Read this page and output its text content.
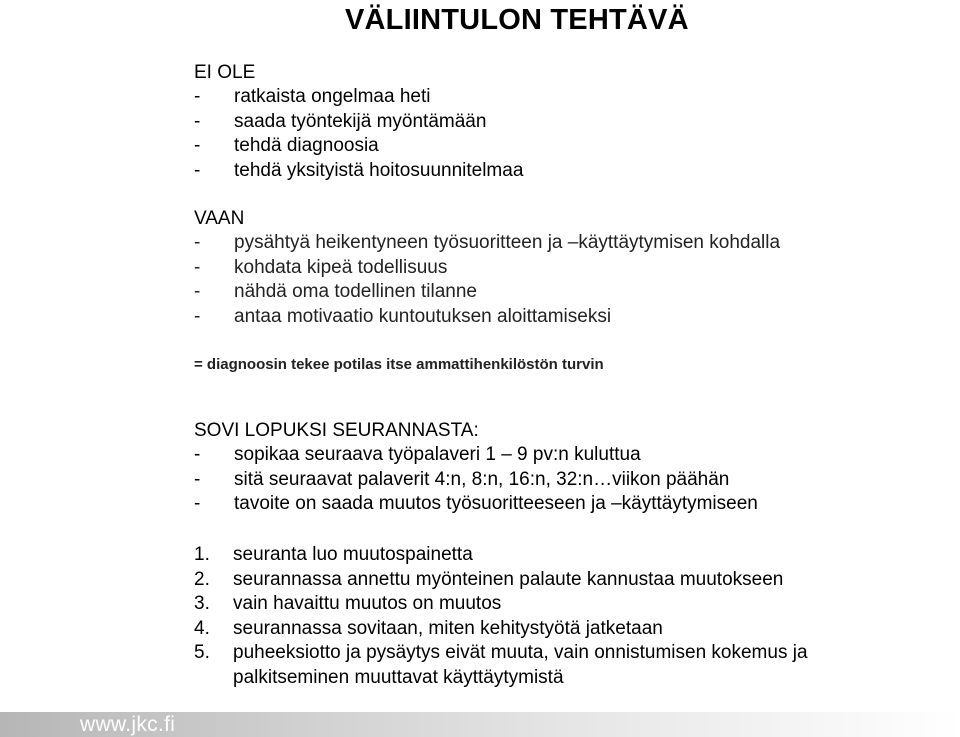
VÄLIINTULON TEHTÄVÄ
EI OLE
-	ratkaista ongelmaa heti
-	saada työntekijä myöntämään
-	tehdä diagnoosia
-	tehdä yksityistä hoitosuunnitelmaa
VAAN
-	pysähtyä heikentyneen työsuoritteen ja –käyttäytymisen kohdalla
-	kohdata kipeä todellisuus
-	nähdä oma todellinen tilanne
-	antaa motivaatio kuntoutuksen aloittamiseksi
= diagnoosin tekee potilas itse ammattihenkilöstön turvin
SOVI LOPUKSI SEURANNASTA:
-	sopikaa seuraava työpalaveri 1 – 9 pv:n kuluttua
-	sitä seuraavat palaverit 4:n, 8:n, 16:n, 32:n…viikon päähän
-	tavoite on saada muutos työsuoritteeseen ja –käyttäytymiseen
1.	seuranta luo muutospainetta
2.	seurannassa annettu myönteinen palaute kannustaa muutokseen
3.	vain havaittu muutos on muutos
4.	seurannassa sovitaan, miten kehitystyötä jatketaan
5.	puheeksiotto ja pysäytys eivät muuta, vain onnistumisen kokemus ja palkitseminen muuttavat käyttäytymistä
www.jkc.fi
